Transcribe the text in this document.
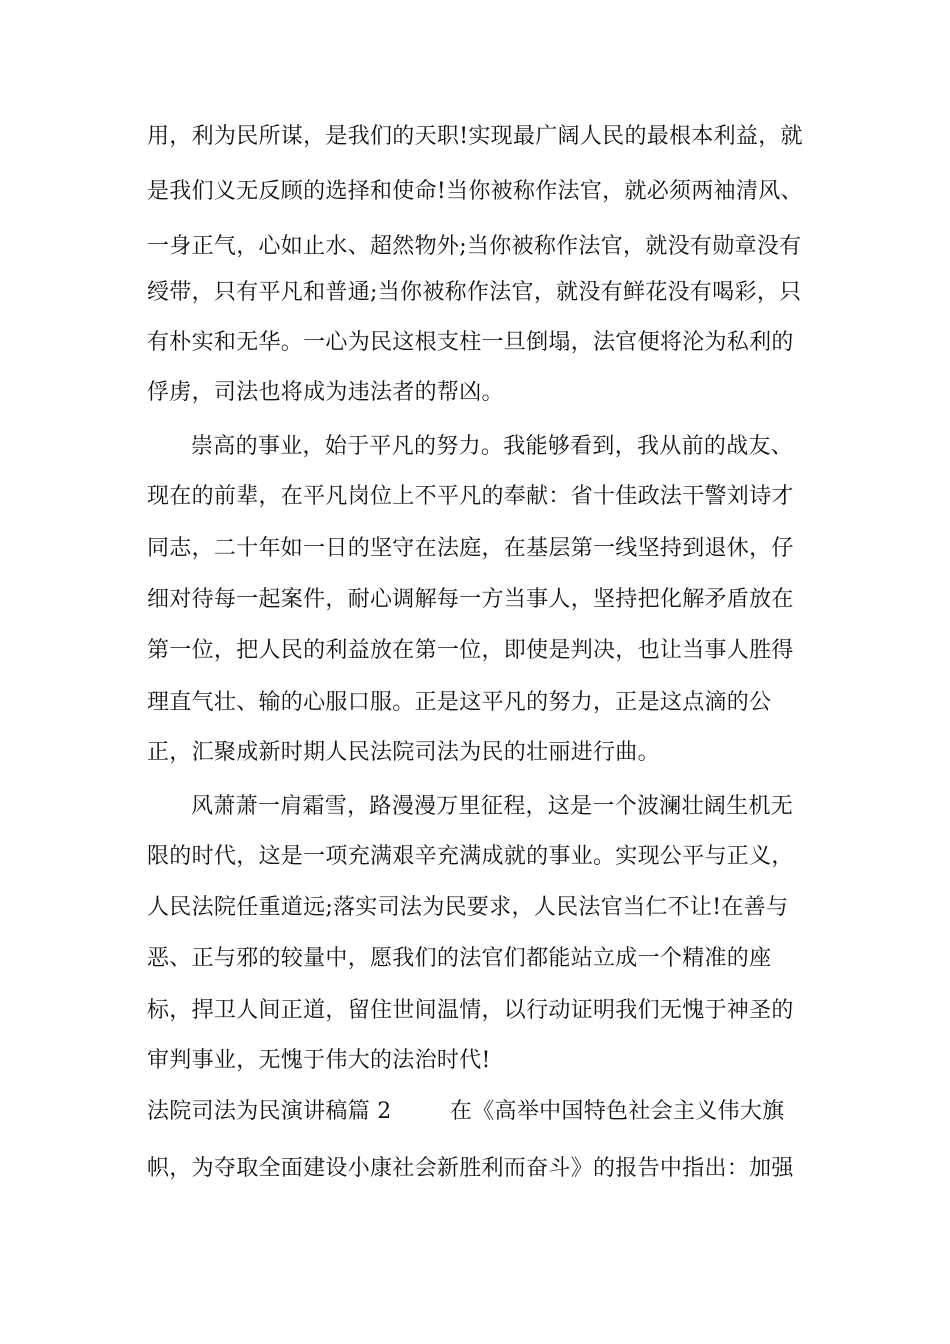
用，利为民所谋，是我们的天职!实现最广阔人民的最根本利益，就
是我们义无反顾的选择和使命!当你被称作法官，就必须两袖清风、
一身正气，心如止水、超然物外;当你被称作法官，就没有勋章没有
绶带，只有平凡和普通;当你被称作法官，就没有鲜花没有喝彩，只
有朴实和无华。一心为民这根支柱一旦倒塌，法官便将沦为私利的
俘虏，司法也将成为违法者的帮凶。
崇高的事业，始于平凡的努力。我能够看到，我从前的战友、
现在的前辈，在平凡岗位上不平凡的奉献：省十佳政法干警刘诗才
同志，二十年如一日的坚守在法庭，在基层第一线坚持到退休，仔
细对待每一起案件，耐心调解每一方当事人，坚持把化解矛盾放在
第一位，把人民的利益放在第一位，即使是判决，也让当事人胜得
理直气壮、输的心服口服。正是这平凡的努力，正是这点滴的公
正，汇聚成新时期人民法院司法为民的壮丽进行曲。
风萧萧一肩霜雪，路漫漫万里征程，这是一个波澜壮阔生机无
限的时代，这是一项充满艰辛充满成就的事业。实现公平与正义，
人民法院任重道远;落实司法为民要求，人民法官当仁不让!在善与
恶、正与邪的较量中，愿我们的法官们都能站立成一个精准的座
标，捍卫人间正道，留住世间温情，以行动证明我们无愧于神圣的
审判事业，无愧于伟大的法治时代!
法院司法为民演讲稿篇 2        在《高举中国特色社会主义伟大旗
帜，为夺取全面建设小康社会新胜利而奋斗》的报告中指出：加强
